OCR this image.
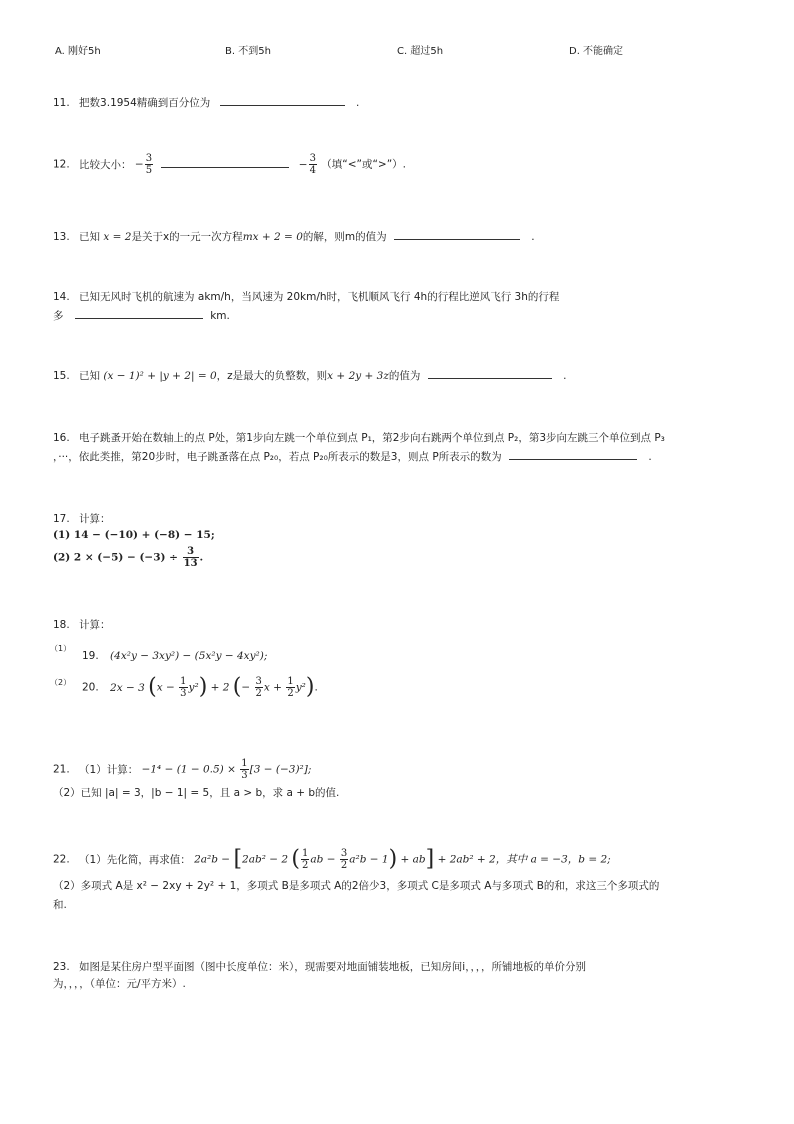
A. 刚好5h	B. 不到5h	C. 超过5h	D. 不能确定
11. 把数3.1954精确到百分位为	.
12. 比较大小： − $\frac{3}{5}$	− $\frac{3}{4}$ （填“<”或“>”）.
13. 已知 x = 2是关于x的一元一次方程mx + 2 = 0的解，则m的值为	.
14. 已知无风时飞机的航速为 akm/h，当风速为 20km/h时，飞机顺风飞行 4h的行程比逆风飞行 3h的行程
多	km.
15. 已知 (x − 1)² + |y + 2| = 0，z是最大的负整数，则x + 2y + 3z的值为	.
16. 电子跳蚤开始在数轴上的点 P处，第1步向左跳一个单位到点 P₁，第2步向右跳两个单位到点 P₂，第3步向左跳三个单位到点 P₃
，···，依此类推，第20步时，电子跳蚤落在点 P₂₀，若点 P₂₀所表示的数是3，则点 P所表示的数为	.
17. 计算：
(1) 14 − (−10) + (−8) − 15;
(2) $2 \times (-5) - (-3) \div \frac{3}{13}$ .
18. 计算：
（1）
19. (4x²y − 3xy²) − (5x²y − 4xy²);
（2） 20. 2x − 3 $(x - \frac{1}{3} y^2) + 2$ (− $\frac{3}{2}$ $x + \frac{1}{2} y^2$).
21. （1）计算： $-1^4 - (1 - 0.5) \times \frac{1}{3} [3 - (-3)^2]$;
（2）已知 |a| = 3，|b − 1| = 5，且 a > b，求 a + b的值.
22. （1）先化简，再求值： 2a²b − [2ab² − 2 ( $\frac{1}{2}$ ab − $\frac{3}{2} a^2b - 1) + ab] + 2ab^2 + 2$，其中 a = −3，b = 2;
（2）多项式 A是 x² − 2xy + 2y² + 1，多项式 B是多项式 A的2倍少3，多项式 C是多项式 A与多项式 B的和，求这三个多项式的
和.
23. 如图是某住房户型平面图（图中长度单位：米），现需要对地面铺装地板，已知房间i，，，，所铺地板的单价分别
为，，，，（单位：元/平方米）.
